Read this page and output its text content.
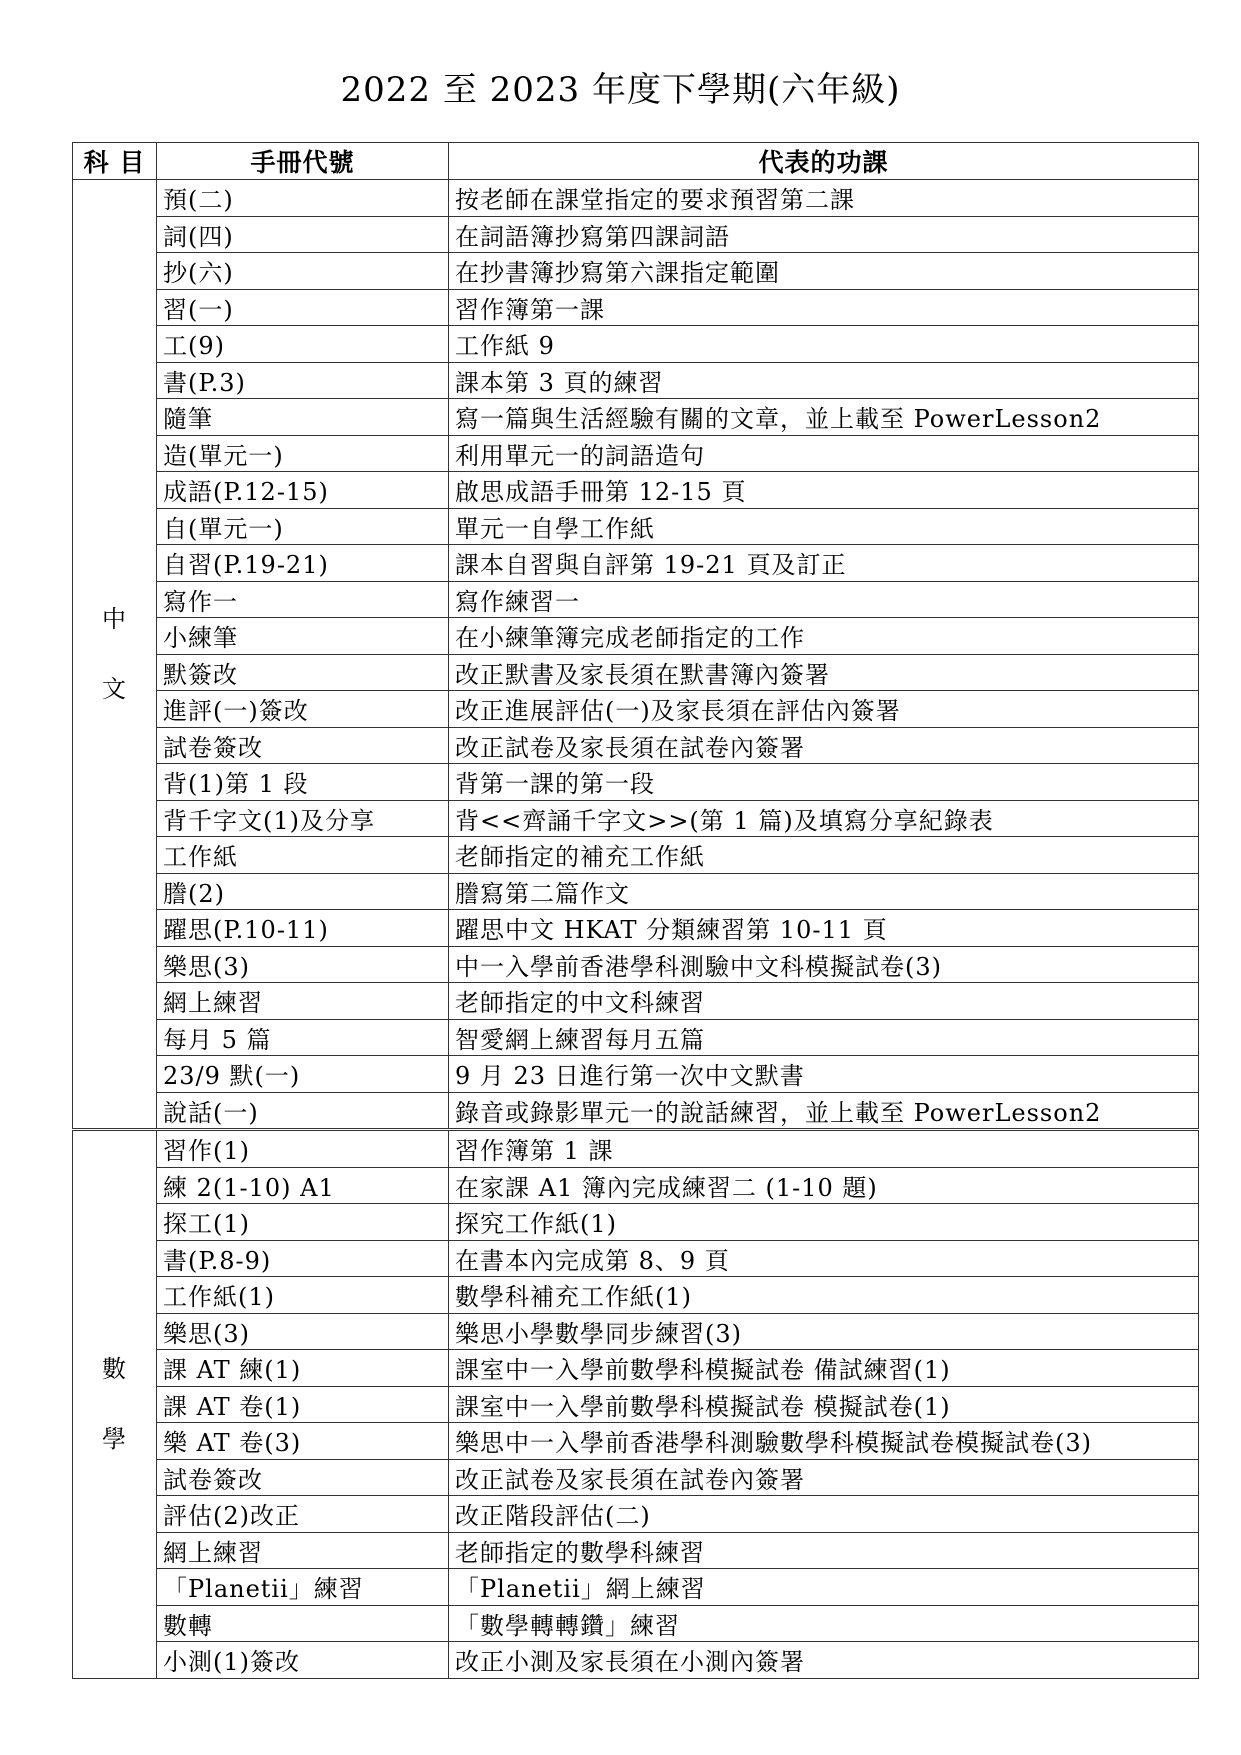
2022 至 2023 年度下學期(六年級)
科 目	手冊代號	代表的功課

中
文	預(二)	按老師在課堂指定的要求預習第二課
	詞(四)	在詞語簿抄寫第四課詞語
	抄(六)	在抄書簿抄寫第六課指定範圍
	習(一)	習作簿第一課
	工(9)	工作紙 9
	書(P.3)	課本第 3 頁的練習
	隨筆	寫一篇與生活經驗有關的文章，並上載至 PowerLesson2
	造(單元一)	利用單元一的詞語造句
	成語(P.12-15)	啟思成語手冊第 12-15 頁
	自(單元一)	單元一自學工作紙
	自習(P.19-21)	課本自習與自評第 19-21 頁及訂正
	寫作一	寫作練習一
	小練筆	在小練筆簿完成老師指定的工作
	默簽改	改正默書及家長須在默書簿內簽署
	進評(一)簽改	改正進展評估(一)及家長須在評估內簽署
	試卷簽改	改正試卷及家長須在試卷內簽署
	背(1)第 1 段	背第一課的第一段
	背千字文(1)及分享	背<<齊誦千字文>>(第 1 篇)及填寫分享紀錄表
	工作紙	老師指定的補充工作紙
	謄(2)	謄寫第二篇作文
	躍思(P.10-11)	躍思中文 HKAT 分類練習第 10-11 頁
	樂思(3)	中一入學前香港學科測驗中文科模擬試卷(3)
	網上練習	老師指定的中文科練習
	每月 5 篇	智愛網上練習每月五篇
	23/9 默(一)	9 月 23 日進行第一次中文默書
	說話(一)	錄音或錄影單元一的說話練習，並上載至 PowerLesson2

數
學	習作(1)	習作簿第 1 課
	練 2(1-10) A1	在家課 A1 簿內完成練習二 (1-10 題)
	探工(1)	探究工作紙(1)
	書(P.8-9)	在書本內完成第 8、9 頁
	工作紙(1)	數學科補充工作紙(1)
	樂思(3)	樂思小學數學同步練習(3)
	課 AT 練(1)	課室中一入學前數學科模擬試卷 備試練習(1)
	課 AT 卷(1)	課室中一入學前數學科模擬試卷 模擬試卷(1)
	樂 AT 卷(3)	樂思中一入學前香港學科測驗數學科模擬試卷模擬試卷(3)
	試卷簽改	改正試卷及家長須在試卷內簽署
	評估(2)改正	改正階段評估(二)
	網上練習	老師指定的數學科練習
	「Planetii」練習	「Planetii」網上練習
	數轉	「數學轉轉鑽」練習
	小測(1)簽改	改正小測及家長須在小測內簽署
